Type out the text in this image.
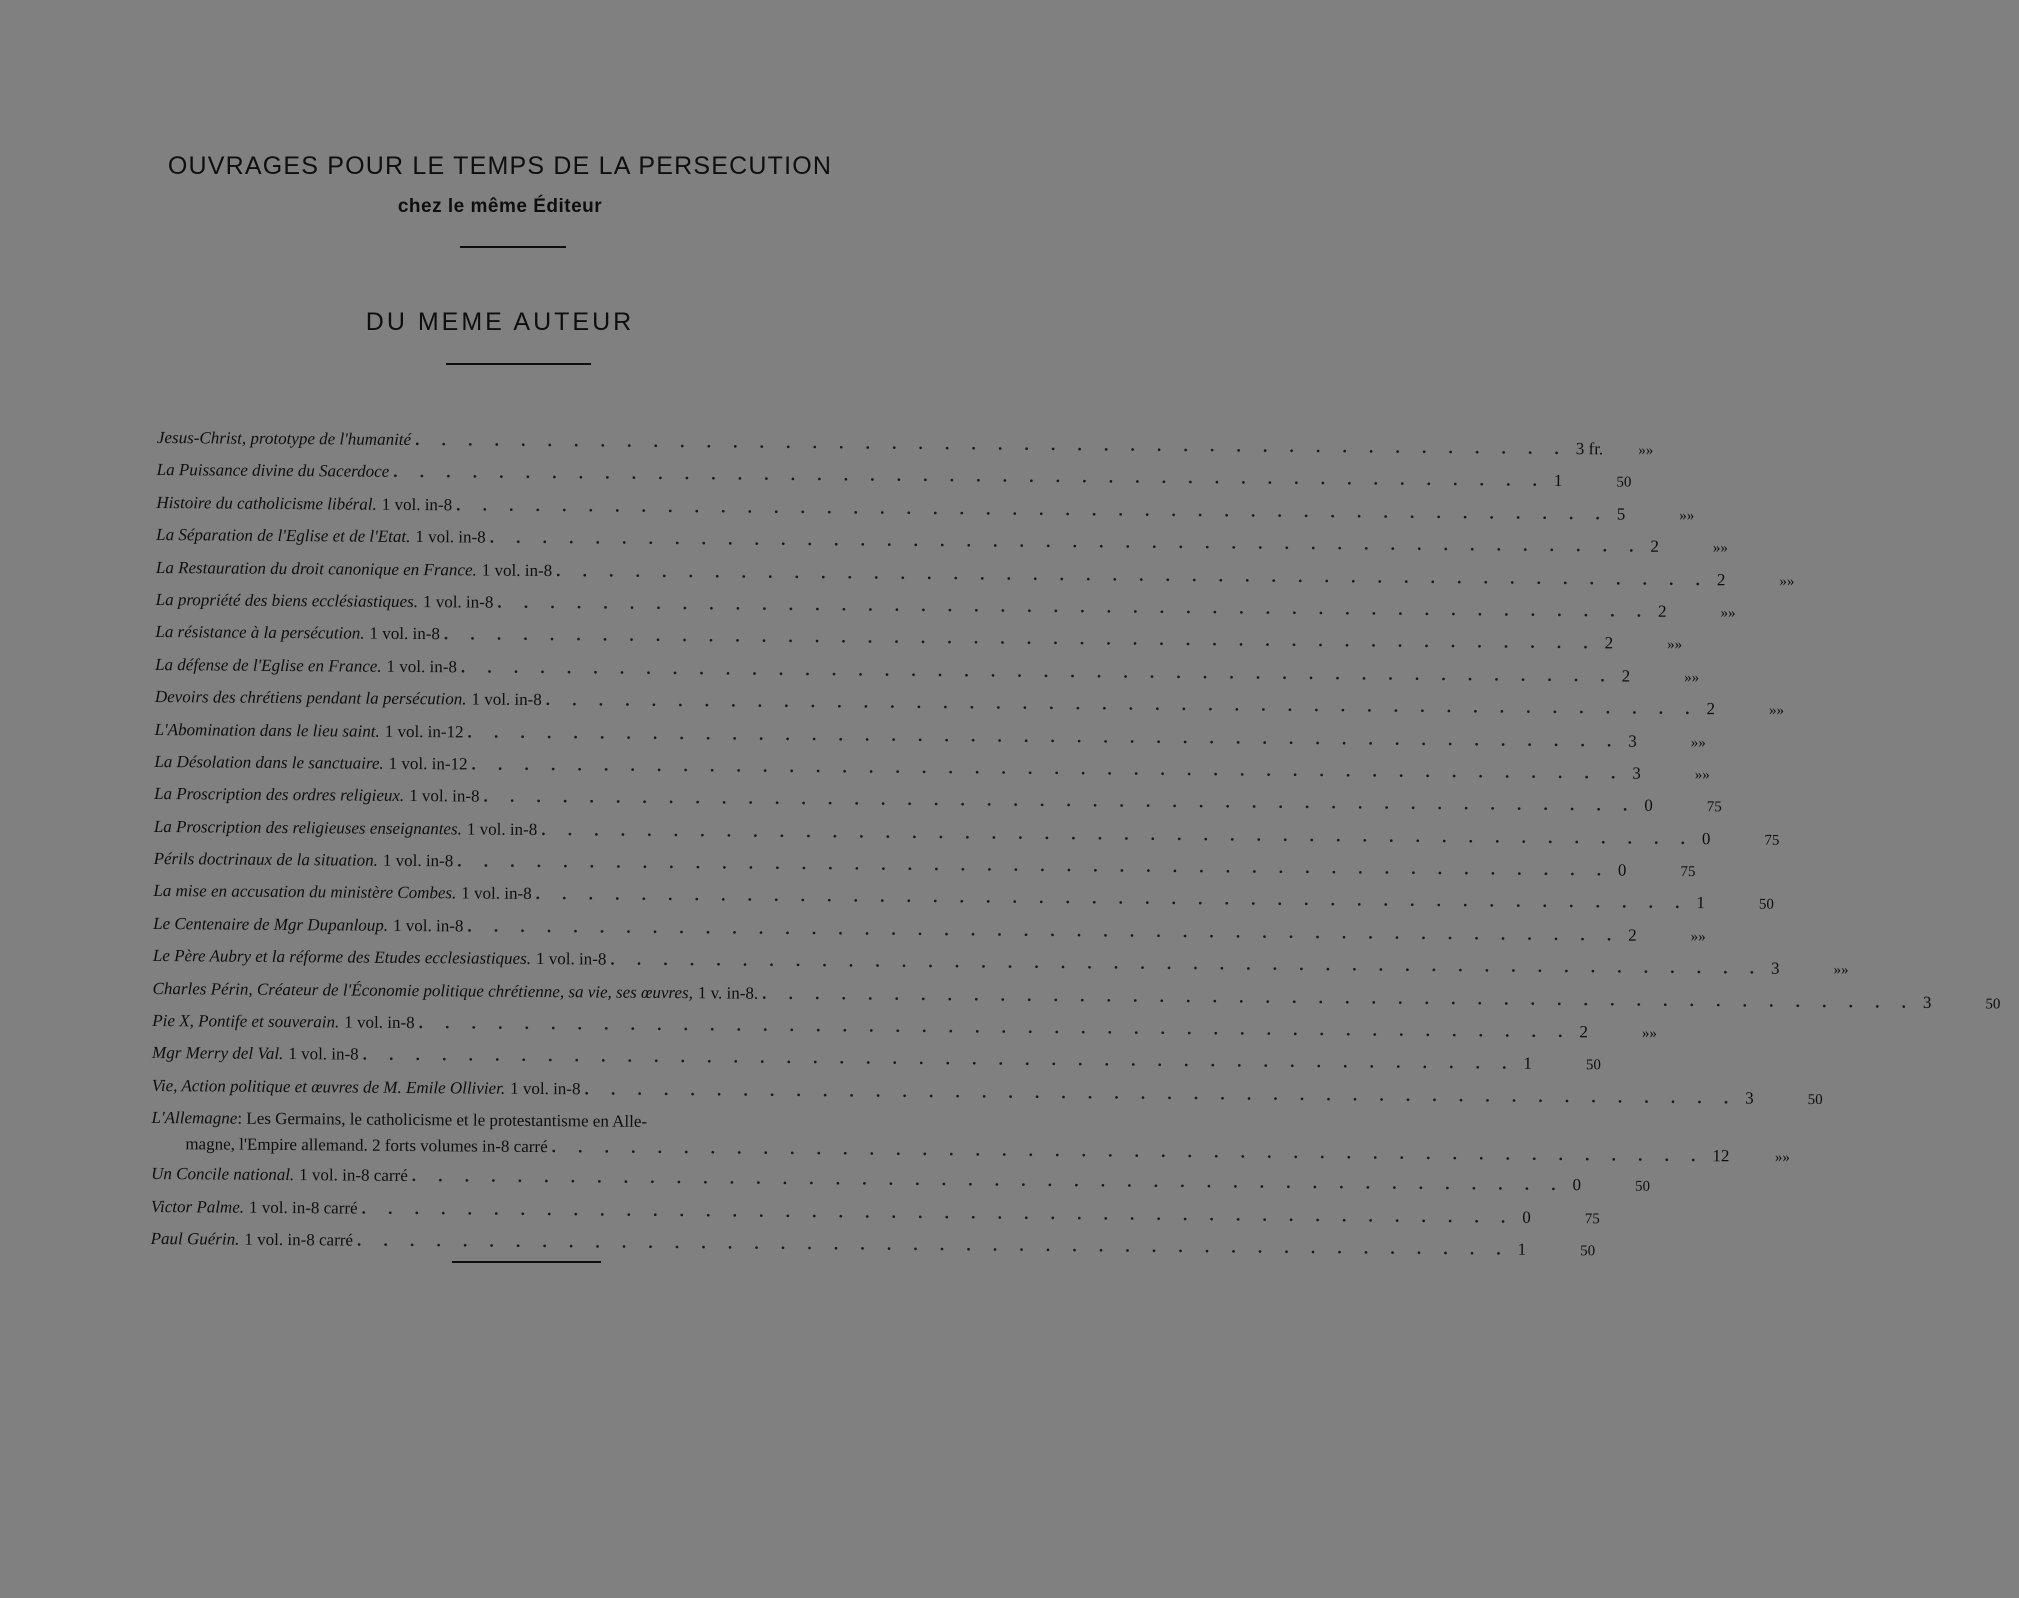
OUVRAGES POUR LE TEMPS DE LA PERSECUTION
chez le même Éditeur
DU MEME AUTEUR
Jesus-Christ, prototype de l'humanité . . . . . . . . . . . . . . . . . . . . . . . . . . . . . . . . . . . . . . . . . . . . 3 fr.	»»
La Puissance divine du Sacerdoce . . . . . . . . . . . . . . . . . . . . . . . . . . . . . . . . . . . . . . . . . . . . 1	50
Histoire du catholicisme libéral. 1 vol. in-8 . . . . . . . . . . . . . . . . . . . . . . . . . . . . . . . . . . . . . . . . . . . . 5	»»
La Séparation de l'Eglise et de l'Etat. 1 vol. in-8 . . . . . . . . . . . . . . . . . . . . . . . . . . . . . . . . . . . . . . . . . . . . 2	»»
La Restauration du droit canonique en France. 1 vol. in-8 . . . . . . . . . . . . . . . . . . . . . . . . . . . . . . . . . . . . . . . . . . . . 2	»»
La propriété des biens ecclésiastiques. 1 vol. in-8 . . . . . . . . . . . . . . . . . . . . . . . . . . . . . . . . . . . . . . . . . . . . 2	»»
La résistance à la persécution. 1 vol. in-8 . . . . . . . . . . . . . . . . . . . . . . . . . . . . . . . . . . . . . . . . . . . . 2	»»
La défense de l'Eglise en France. 1 vol. in-8 . . . . . . . . . . . . . . . . . . . . . . . . . . . . . . . . . . . . . . . . . . . . 2	»»
Devoirs des chrétiens pendant la persécution. 1 vol. in-8 . . . . . . . . . . . . . . . . . . . . . . . . . . . . . . . . . . . . . . . . . . . . 2	»»
L'Abomination dans le lieu saint. 1 vol. in-12 . . . . . . . . . . . . . . . . . . . . . . . . . . . . . . . . . . . . . . . . . . . . 3	»»
La Désolation dans le sanctuaire. 1 vol. in-12 . . . . . . . . . . . . . . . . . . . . . . . . . . . . . . . . . . . . . . . . . . . . 3	»»
La Proscription des ordres religieux. 1 vol. in-8 . . . . . . . . . . . . . . . . . . . . . . . . . . . . . . . . . . . . . . . . . . . . 0	75
La Proscription des religieuses enseignantes. 1 vol. in-8 . . . . . . . . . . . . . . . . . . . . . . . . . . . . . . . . . . . . . . . . . . . . 0	75
Périls doctrinaux de la situation. 1 vol. in-8 . . . . . . . . . . . . . . . . . . . . . . . . . . . . . . . . . . . . . . . . . . . . 0	75
La mise en accusation du ministère Combes. 1 vol. in-8 . . . . . . . . . . . . . . . . . . . . . . . . . . . . . . . . . . . . . . . . . . . . 1	50
Le Centenaire de Mgr Dupanloup. 1 vol. in-8 . . . . . . . . . . . . . . . . . . . . . . . . . . . . . . . . . . . . . . . . . . . . 2	»»
Le Père Aubry et la réforme des Etudes ecclesiastiques. 1 vol. in-8 . . . . . . . . . . . . . . . . . . . . . . . . . . . . . . . . . . . . . . . . . . . . 3	»»
Charles Périn, Créateur de l'Économie politique chrétienne, sa vie, ses œuvres, 1 v. in-8. . . . . . . . . . . . . . . . . . . . . . . . . . . . . . . . . . . . . . . . . . . . . 3	50
Pie X, Pontife et souverain. 1 vol. in-8 . . . . . . . . . . . . . . . . . . . . . . . . . . . . . . . . . . . . . . . . . . . . 2	»»
Mgr Merry del Val. 1 vol. in-8 . . . . . . . . . . . . . . . . . . . . . . . . . . . . . . . . . . . . . . . . . . . . 1	50
Vie, Action politique et œuvres de M. Emile Ollivier. 1 vol. in-8 . . . . . . . . . . . . . . . . . . . . . . . . . . . . . . . . . . . . . . . . . . . . 3	50
L'Allemagne : Les Germains, le catholicisme et le protestantisme en Alle-
magne, l'Empire allemand. 2 forts volumes in-8 carré . . . . . . . . . . . . . . . . . . . . . . . . . . . . . . . . . . . . . . . . . . . . 12	»»
Un Concile national. 1 vol. in-8 carré . . . . . . . . . . . . . . . . . . . . . . . . . . . . . . . . . . . . . . . . . . . . 0	50
Victor Palme. 1 vol. in-8 carré . . . . . . . . . . . . . . . . . . . . . . . . . . . . . . . . . . . . . . . . . . . . 0	75
Paul Guérin. 1 vol. in-8 carré . . . . . . . . . . . . . . . . . . . . . . . . . . . . . . . . . . . . . . . . . . . . 1	50
